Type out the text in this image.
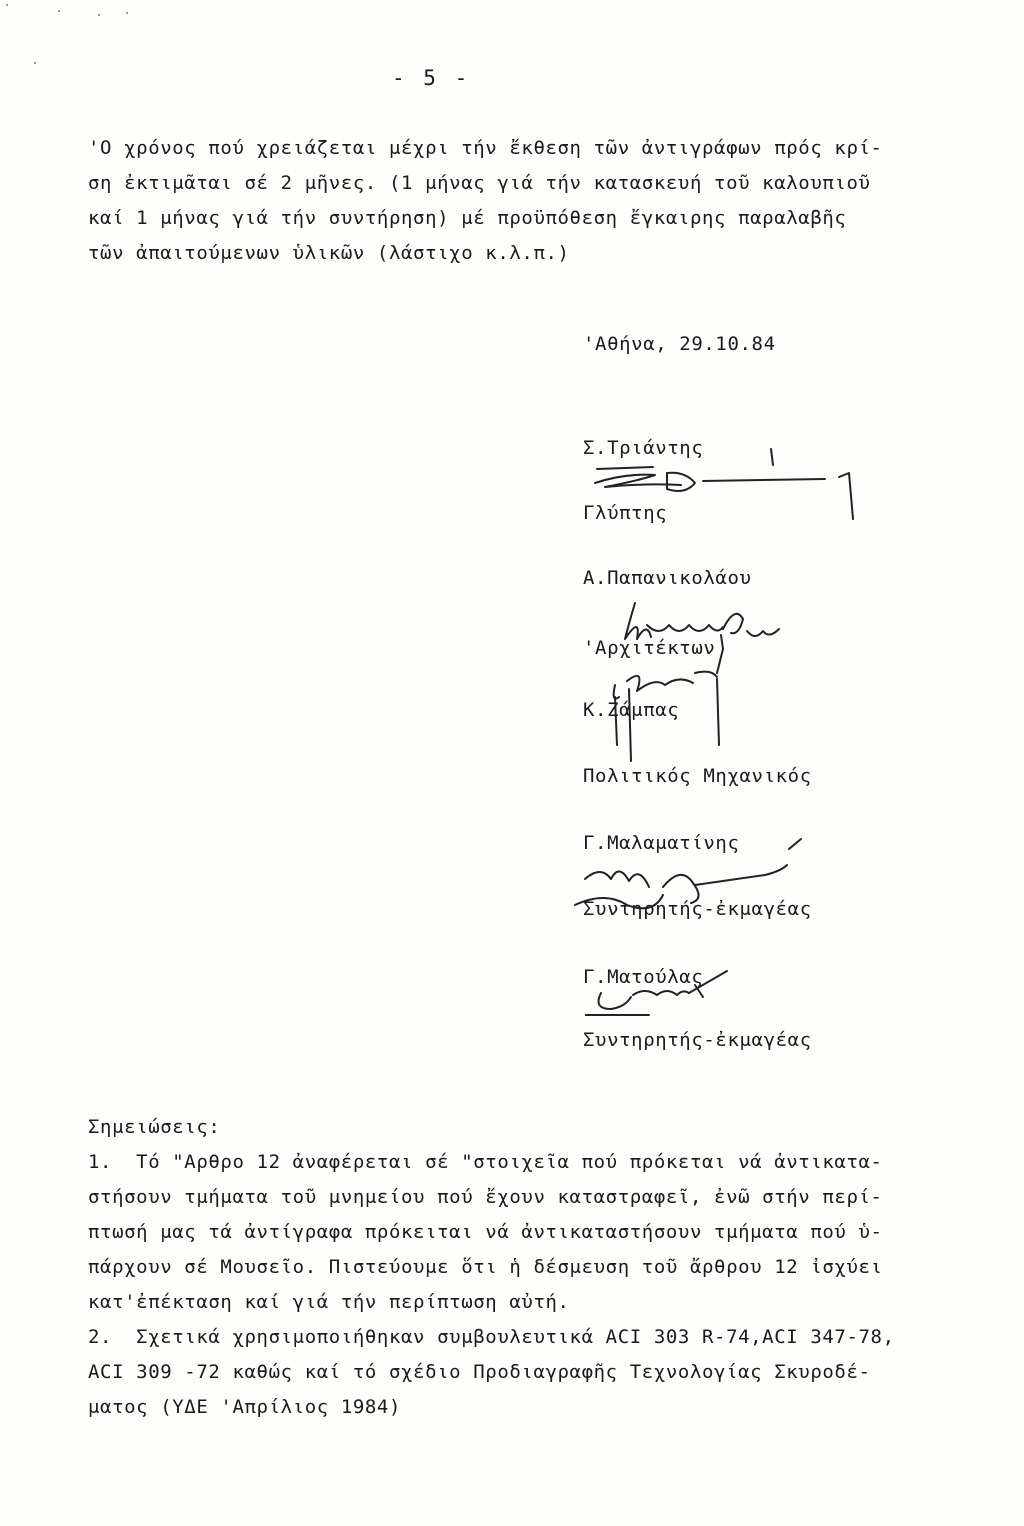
- 5 -
'Ο χρόνος πού χρειάζεται μέχρι τήν ἔκθεση τῶν ἀντιγράφων πρός κρί-
ση ἐκτιμᾶται σέ 2 μῆνες. (1 μήνας γιά τήν κατασκευή τοῦ καλουπιοῦ
καί 1 μήνας γιά τήν συντήρηση) μέ προϋπόθεση ἔγκαιρης παραλαβῆς
τῶν ἀπαιτούμενων ὑλικῶν (λάστιχο κ.λ.π.)
'Αθήνα, 29.10.84
Σ.Τριάντης
Γλύπτης
Α.Παπανικολάου
'Αρχιτέκτων
Κ.Ζάμπας
Πολιτικός Μηχανικός
Γ.Μαλαματίνης
Συντηρητής-ἐκμαγέας
Γ.Ματούλας
Συντηρητής-ἐκμαγέας
Σημειώσεις:
1.  Τό "Αρθρο 12 ἀναφέρεται σέ "στοιχεῖα πού πρόκεται νά ἀντικατα-
στήσουν τμήματα τοῦ μνημείου πού ἔχουν καταστραφεῖ, ἐνῶ στήν περί-
πτωσή μας τά ἀντίγραφα πρόκειται νά ἀντικαταστήσουν τμήματα πού ὑ-
πάρχουν σέ Μουσεῖο. Πιστεύουμε ὅτι ἡ δέσμευση τοῦ ἄρθρου 12 ἰσχύει
κατ'ἐπέκταση καί γιά τήν περίπτωση αὐτή.
2.  Σχετικά χρησιμοποιήθηκαν συμβουλευτικά ACI 303 R-74,ACI 347-78,
ACI 309 -72 καθώς καί τό σχέδιο Προδιαγραφῆς Τεχνολογίας Σκυροδέ-
ματος (ΥΔΕ 'Απρίλιος 1984)
